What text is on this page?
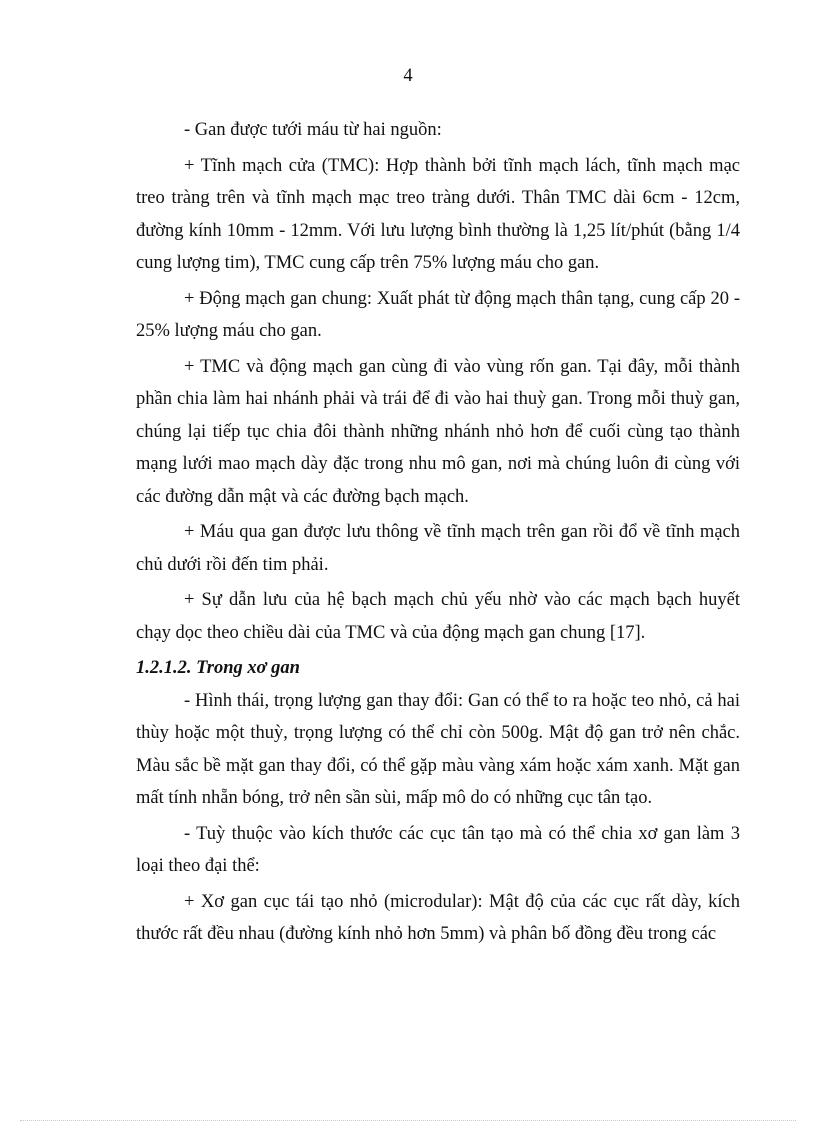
4

- Gan được tưới máu từ hai nguồn:

+ Tĩnh mạch cửa (TMC): Hợp thành bởi tĩnh mạch lách, tĩnh mạch mạc treo tràng trên và tĩnh mạch mạc treo tràng dưới. Thân TMC dài 6cm - 12cm, đường kính 10mm - 12mm. Với lưu lượng bình thường là 1,25 lít/phút (bằng 1/4 cung lượng tim), TMC cung cấp trên 75% lượng máu cho gan.

+ Động mạch gan chung: Xuất phát từ động mạch thân tạng, cung cấp 20 - 25% lượng máu cho gan.

+ TMC và động mạch gan cùng đi vào vùng rốn gan. Tại đây, mỗi thành phần chia làm hai nhánh phải và trái để đi vào hai thuỳ gan. Trong mỗi thuỳ gan, chúng lại tiếp tục chia đôi thành những nhánh nhỏ hơn để cuối cùng tạo thành mạng lưới mao mạch dày đặc trong nhu mô gan, nơi mà chúng luôn đi cùng với các đường dẫn mật và các đường bạch mạch.

+ Máu qua gan được lưu thông về tĩnh mạch trên gan rồi đổ về tĩnh mạch chủ dưới rồi đến tim phải.

+ Sự dẫn lưu của hệ bạch mạch chủ yếu nhờ vào các mạch bạch huyết chạy dọc theo chiều dài của TMC và của động mạch gan chung [17].

1.2.1.2. Trong xơ gan

- Hình thái, trọng lượng gan thay đổi: Gan có thể to ra hoặc teo nhỏ, cả hai thùy hoặc một thuỳ, trọng lượng có thể chỉ còn 500g. Mật độ gan trở nên chắc. Màu sắc bề mặt gan thay đổi, có thể gặp màu vàng xám hoặc xám xanh. Mặt gan mất tính nhẵn bóng, trở nên sần sùi, mấp mô do có những cục tân tạo.

- Tuỳ thuộc vào kích thước các cục tân tạo mà có thể chia xơ gan làm 3 loại theo đại thể:

+ Xơ gan cục tái tạo nhỏ (microdular): Mật độ của các cục rất dày, kích thước rất đều nhau (đường kính nhỏ hơn 5mm) và phân bố đồng đều trong các
